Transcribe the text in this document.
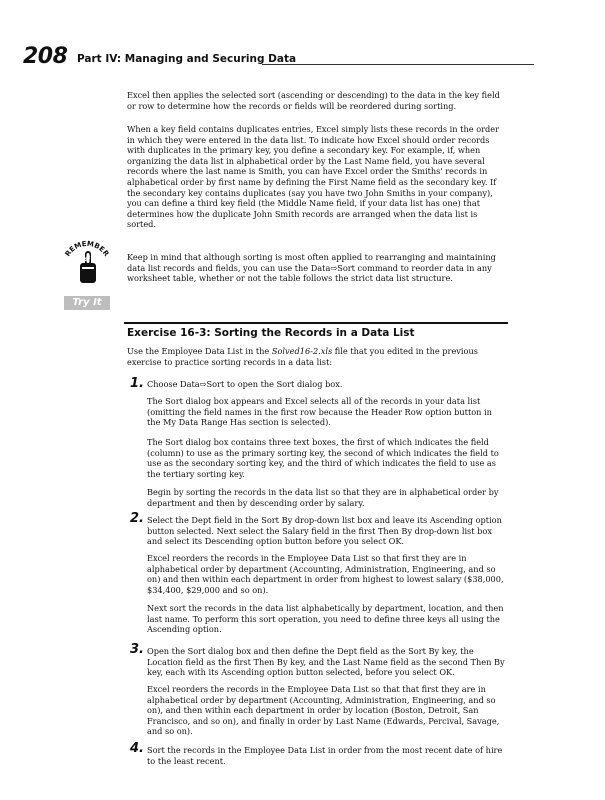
208 Part IV: Managing and Securing Data
Excel then applies the selected sort (ascending or descending) to the data in the key field or row to determine how the records or fields will be reordered during sorting.
When a key field contains duplicates entries, Excel simply lists these records in the order in which they were entered in the data list. To indicate how Excel should order records with duplicates in the primary key, you define a secondary key. For example, if, when organizing the data list in alphabetical order by the Last Name field, you have several records where the last name is Smith, you can have Excel order the Smiths' records in alphabetical order by first name by defining the First Name field as the secondary key. If the secondary key contains duplicates (say you have two John Smiths in your company), you can define a third key field (the Middle Name field, if your data list has one) that determines how the duplicate John Smith records are arranged when the data list is sorted.
REMEMBER Keep in mind that although sorting is most often applied to rearranging and maintaining data list records and fields, you can use the Data⇨Sort command to reorder data in any worksheet table, whether or not the table follows the strict data list structure.
Try It
Exercise 16-3: Sorting the Records in a Data List
Use the Employee Data List in the Solved16-2.xls file that you edited in the previous exercise to practice sorting records in a data list:
1. Choose Data⇨Sort to open the Sort dialog box.
The Sort dialog box appears and Excel selects all of the records in your data list (omitting the field names in the first row because the Header Row option button in the My Data Range Has section is selected).
The Sort dialog box contains three text boxes, the first of which indicates the field (column) to use as the primary sorting key, the second of which indicates the field to use as the secondary sorting key, and the third of which indicates the field to use as the tertiary sorting key.
Begin by sorting the records in the data list so that they are in alphabetical order by department and then by descending order by salary.
2. Select the Dept field in the Sort By drop-down list box and leave its Ascending option button selected. Next select the Salary field in the first Then By drop-down list box and select its Descending option button before you select OK.
Excel reorders the records in the Employee Data List so that first they are in alphabetical order by department (Accounting, Administration, Engineering, and so on) and then within each department in order from highest to lowest salary ($38,000, $34,400, $29,000 and so on).
Next sort the records in the data list alphabetically by department, location, and then last name. To perform this sort operation, you need to define three keys all using the Ascending option.
3. Open the Sort dialog box and then define the Dept field as the Sort By key, the Location field as the first Then By key, and the Last Name field as the second Then By key, each with its Ascending option button selected, before you select OK.
Excel reorders the records in the Employee Data List so that that first they are in alphabetical order by department (Accounting, Administration, Engineering, and so on), and then within each department in order by location (Boston, Detroit, San Francisco, and so on), and finally in order by Last Name (Edwards, Percival, Savage, and so on).
4. Sort the records in the Employee Data List in order from the most recent date of hire to the least recent.
